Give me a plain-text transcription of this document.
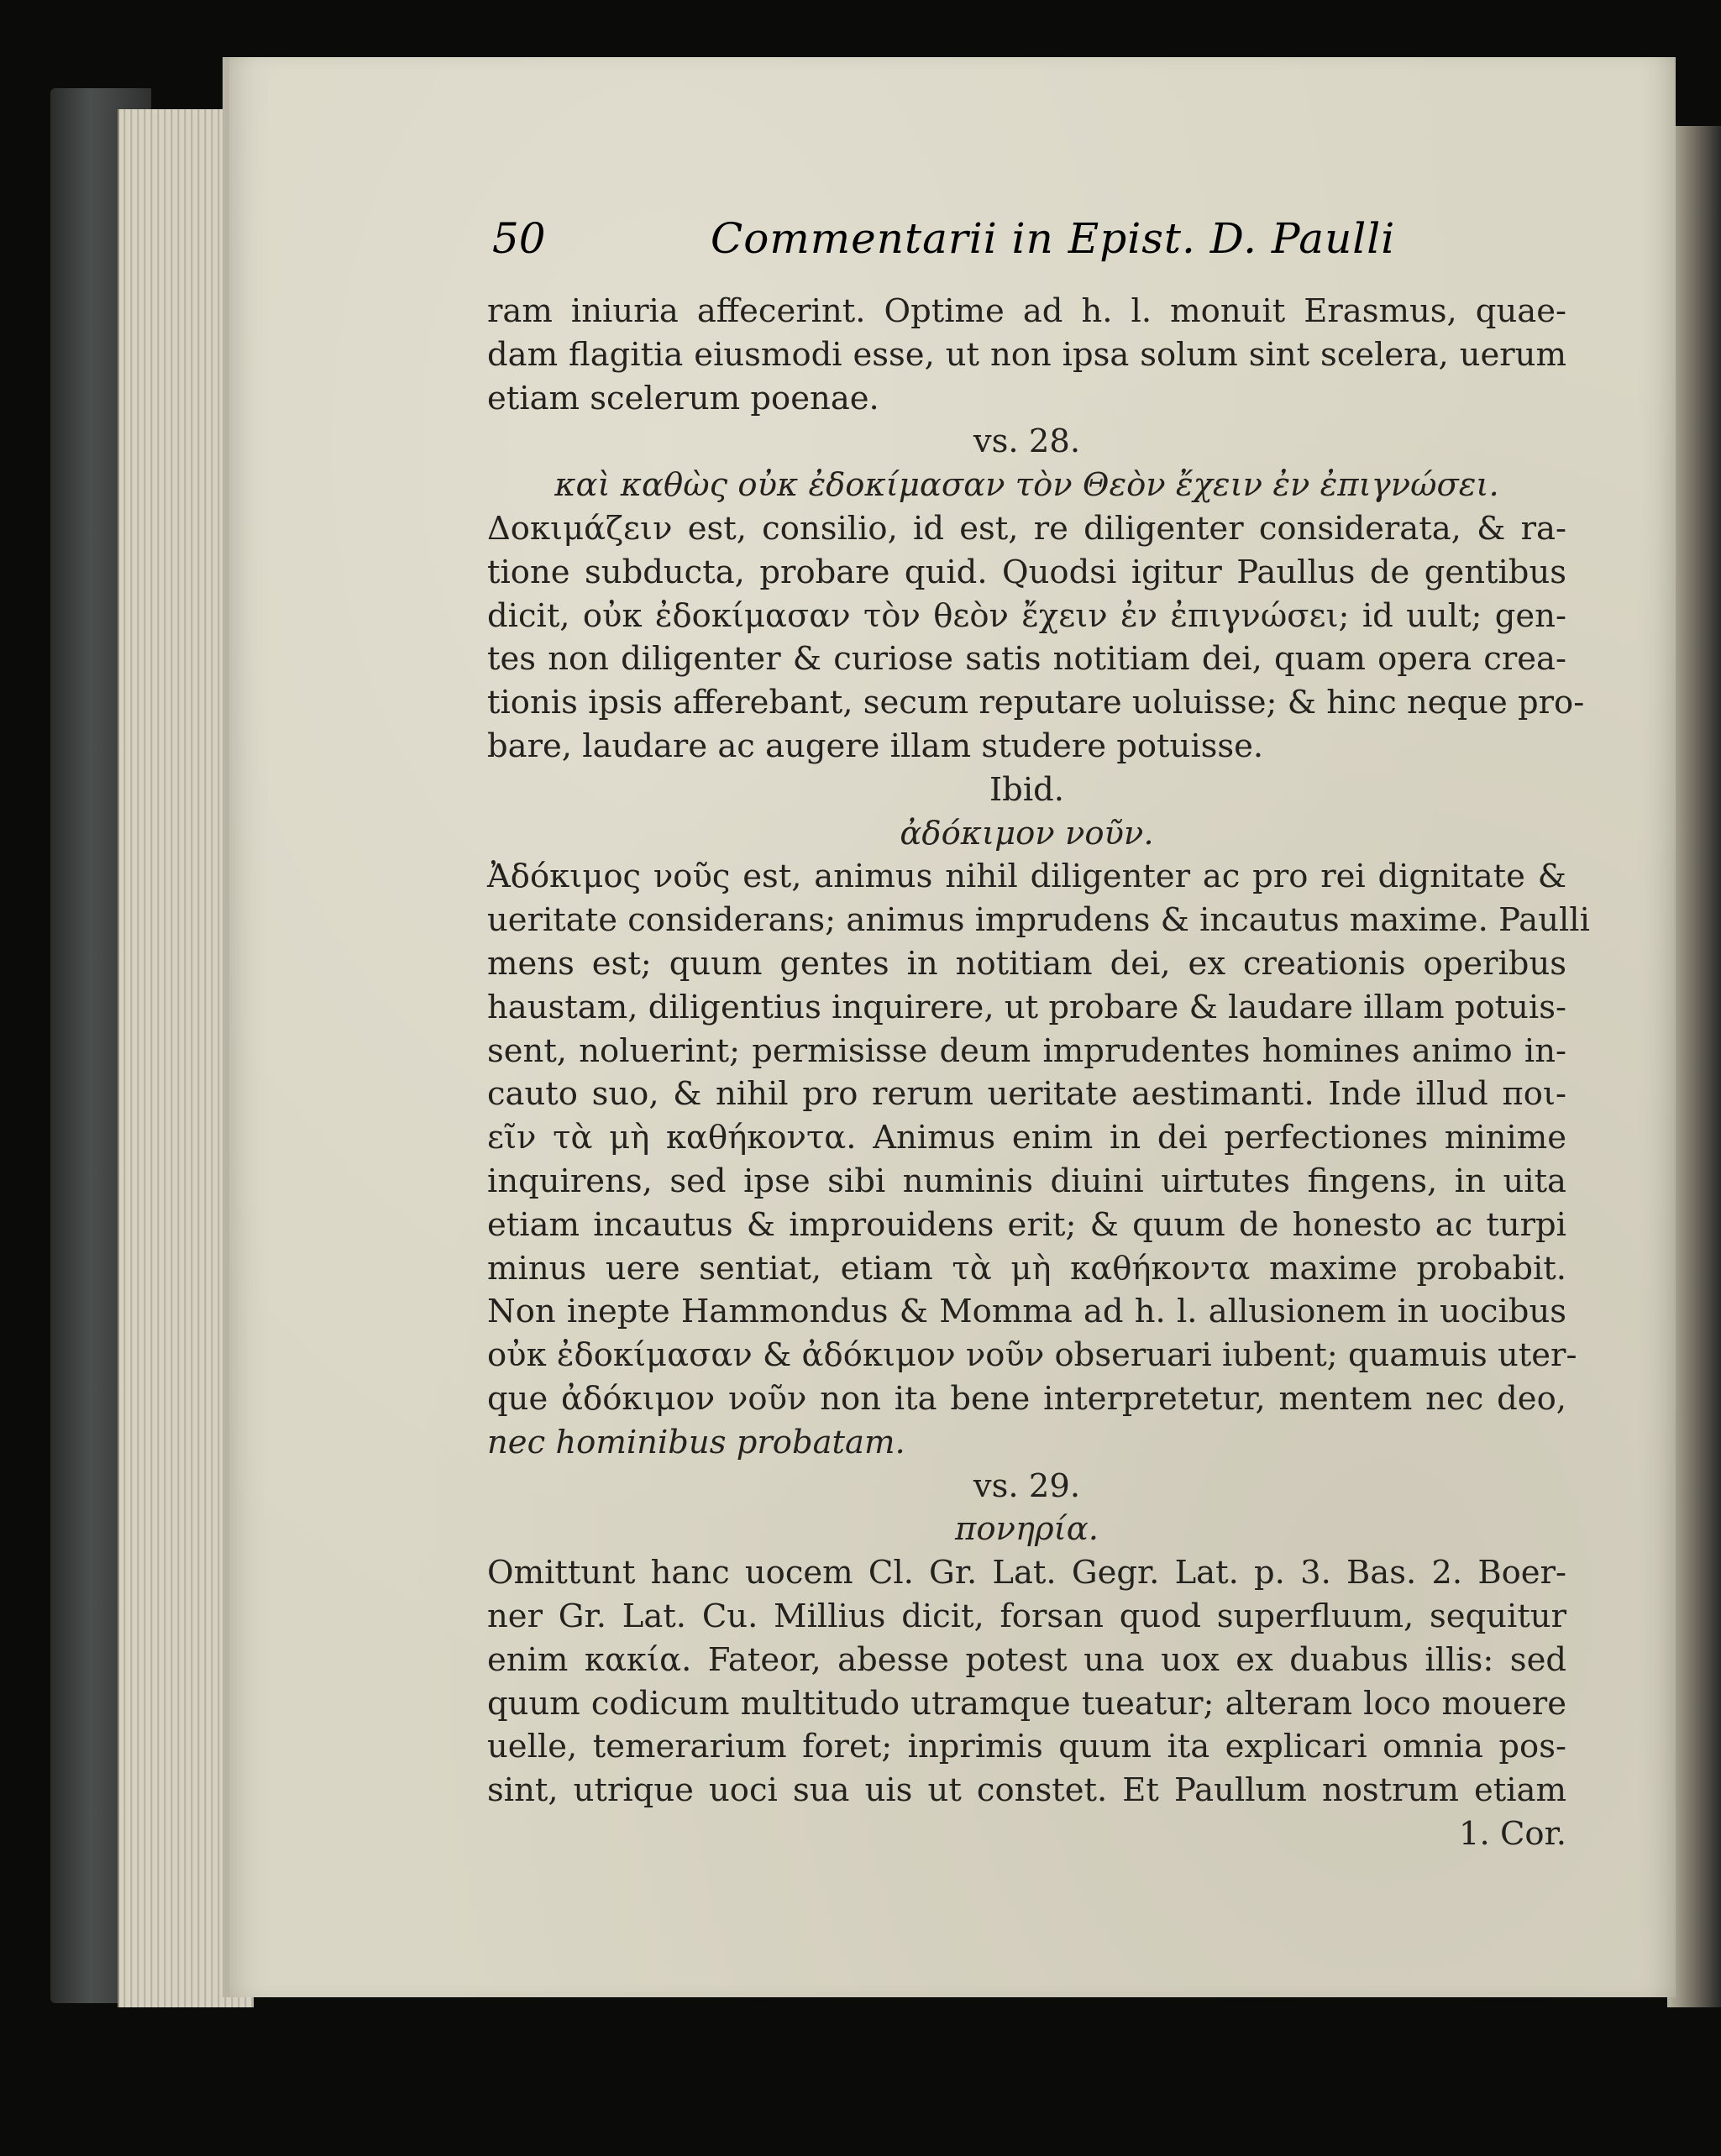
50	Commentarii in Epist. D. Paulli
ram iniuria affecerint. Optime ad h. l. monuit Erasmus, quae-
dam flagitia eiusmodi esse, ut non ipsa solum sint scelera, uerum
etiam scelerum poenae.
vs. 28.
καὶ καθὼς οὐκ ἐδοκίμασαν τὸν Θεὸν ἔχειν ἐν ἐπιγνώσει.
Δοκιμάζειν est, consilio, id est, re diligenter considerata, & ra-
tione subducta, probare quid. Quodsi igitur Paullus de gentibus
dicit, οὐκ ἐδοκίμασαν τὸν θεὸν ἔχειν ἐν ἐπιγνώσει; id uult; gen-
tes non diligenter & curiose satis notitiam dei, quam opera crea-
tionis ipsis afferebant, secum reputare uoluisse; & hinc neque pro-
bare, laudare ac augere illam studere potuisse.
Ibid.
ἀδόκιμον νοῦν.
Ἀδόκιμος νοῦς est, animus nihil diligenter ac pro rei dignitate &
ueritate considerans; animus imprudens & incautus maxime. Paulli
mens est; quum gentes in notitiam dei, ex creationis operibus
haustam, diligentius inquirere, ut probare & laudare illam potuis-
sent, noluerint; permisisse deum imprudentes homines animo in-
cauto suo, & nihil pro rerum ueritate aestimanti. Inde illud ποι-
εῖν τὰ μὴ καθήκοντα. Animus enim in dei perfectiones minime
inquirens, sed ipse sibi numinis diuini uirtutes fingens, in uita
etiam incautus & improuidens erit; & quum de honesto ac turpi
minus uere sentiat, etiam τὰ μὴ καθήκοντα maxime probabit.
Non inepte Hammondus & Momma ad h. l. allusionem in uocibus
οὐκ ἐδοκίμασαν & ἀδόκιμον νοῦν obseruari iubent; quamuis uter-
que ἀδόκιμον νοῦν non ita bene interpretetur, mentem nec deo,
nec hominibus probatam.
vs. 29.
πονηρία.
Omittunt hanc uocem Cl. Gr. Lat. Gegr. Lat. p. 3. Bas. 2. Boer-
ner Gr. Lat. Cu. Millius dicit, forsan quod superfluum, sequitur
enim κακία. Fateor, abesse potest una uox ex duabus illis: sed
quum codicum multitudo utramque tueatur; alteram loco mouere
uelle, temerarium foret; inprimis quum ita explicari omnia pos-
sint, utrique uoci sua uis ut constet. Et Paullum nostrum etiam
1. Cor.
